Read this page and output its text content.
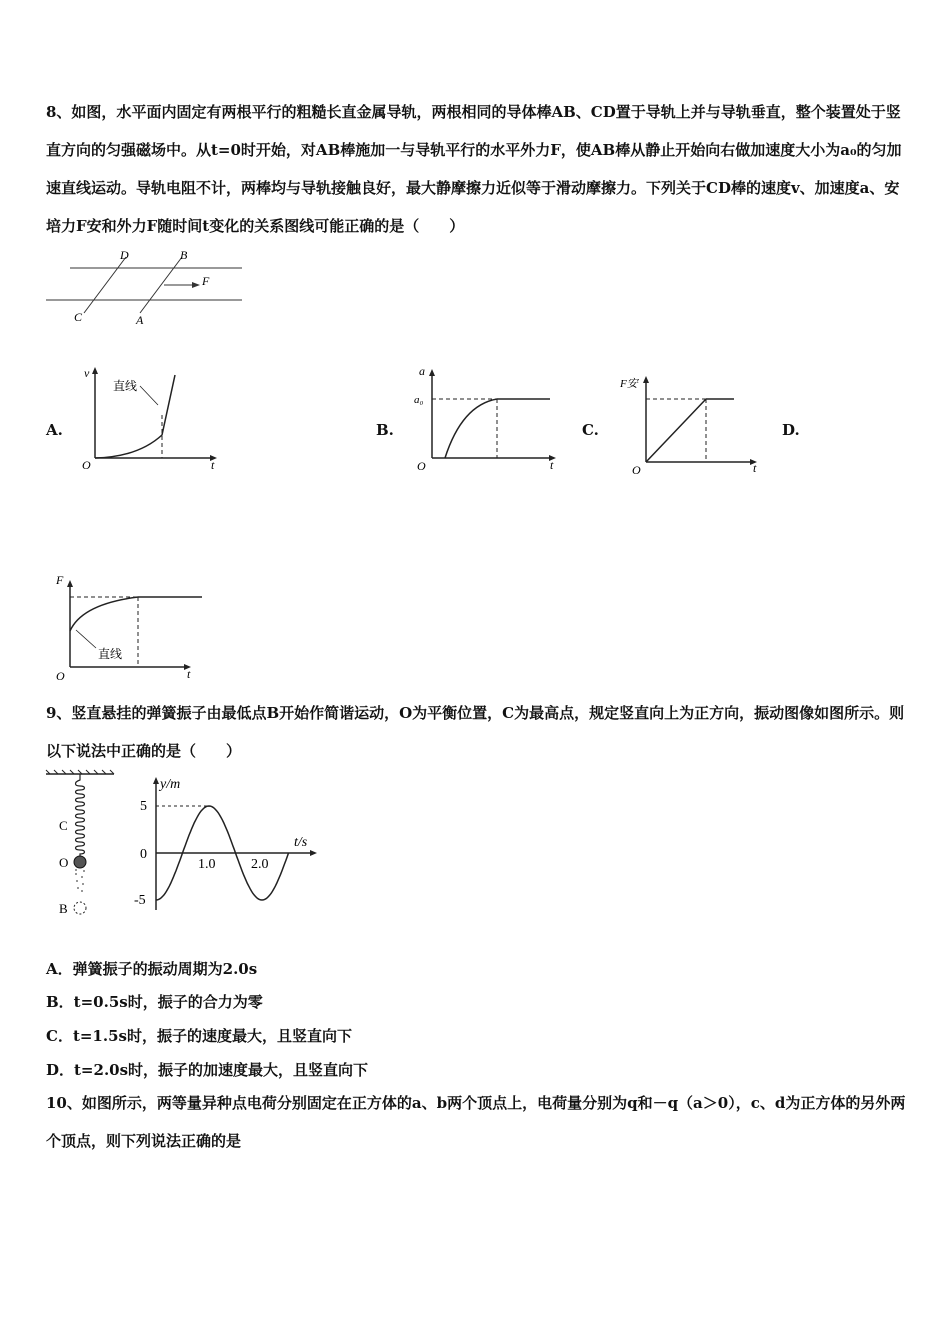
8、如图，水平面内固定有两根平行的粗糙长直金属导轨，两根相同的导体棒AB、CD置于导轨上并与导轨垂直，整个装置处于竖直方向的匀强磁场中。从t=0时开始，对AB棒施加一与导轨平行的水平外力F，使AB棒从静止开始向右做加速度大小为a₀的匀加速直线运动。导轨电阻不计，两棒均与导轨接触良好，最大静摩擦力近似等于滑动摩擦力。下列关于CD棒的速度v、加速度a、安培力F安和外力F随时间t变化的关系图线可能正确的是（　　）

D	B
F
C	A
A.	B.	C.	D.
v
t
O
直线
a
a₀
t
O
F安
t
O
F
t
O
直线

9、竖直悬挂的弹簧振子由最低点B开始作简谐运动，O为平衡位置，C为最高点，规定竖直向上为正方向，振动图像如图所示。则以下说法中正确的是（　　）

C
O
B
y/m
t/s
5
0
-5
1.0	2.0
A．弹簧振子的振动周期为2.0s
B．t=0.5s时，振子的合力为零
C．t=1.5s时，振子的速度最大，且竖直向下
D．t=2.0s时，振子的加速度最大，且竖直向下

10、如图所示，两等量异种点电荷分别固定在正方体的a、b两个顶点上，电荷量分别为q和－q（a＞0），c、d为正方体的另外两个顶点，则下列说法正确的是
